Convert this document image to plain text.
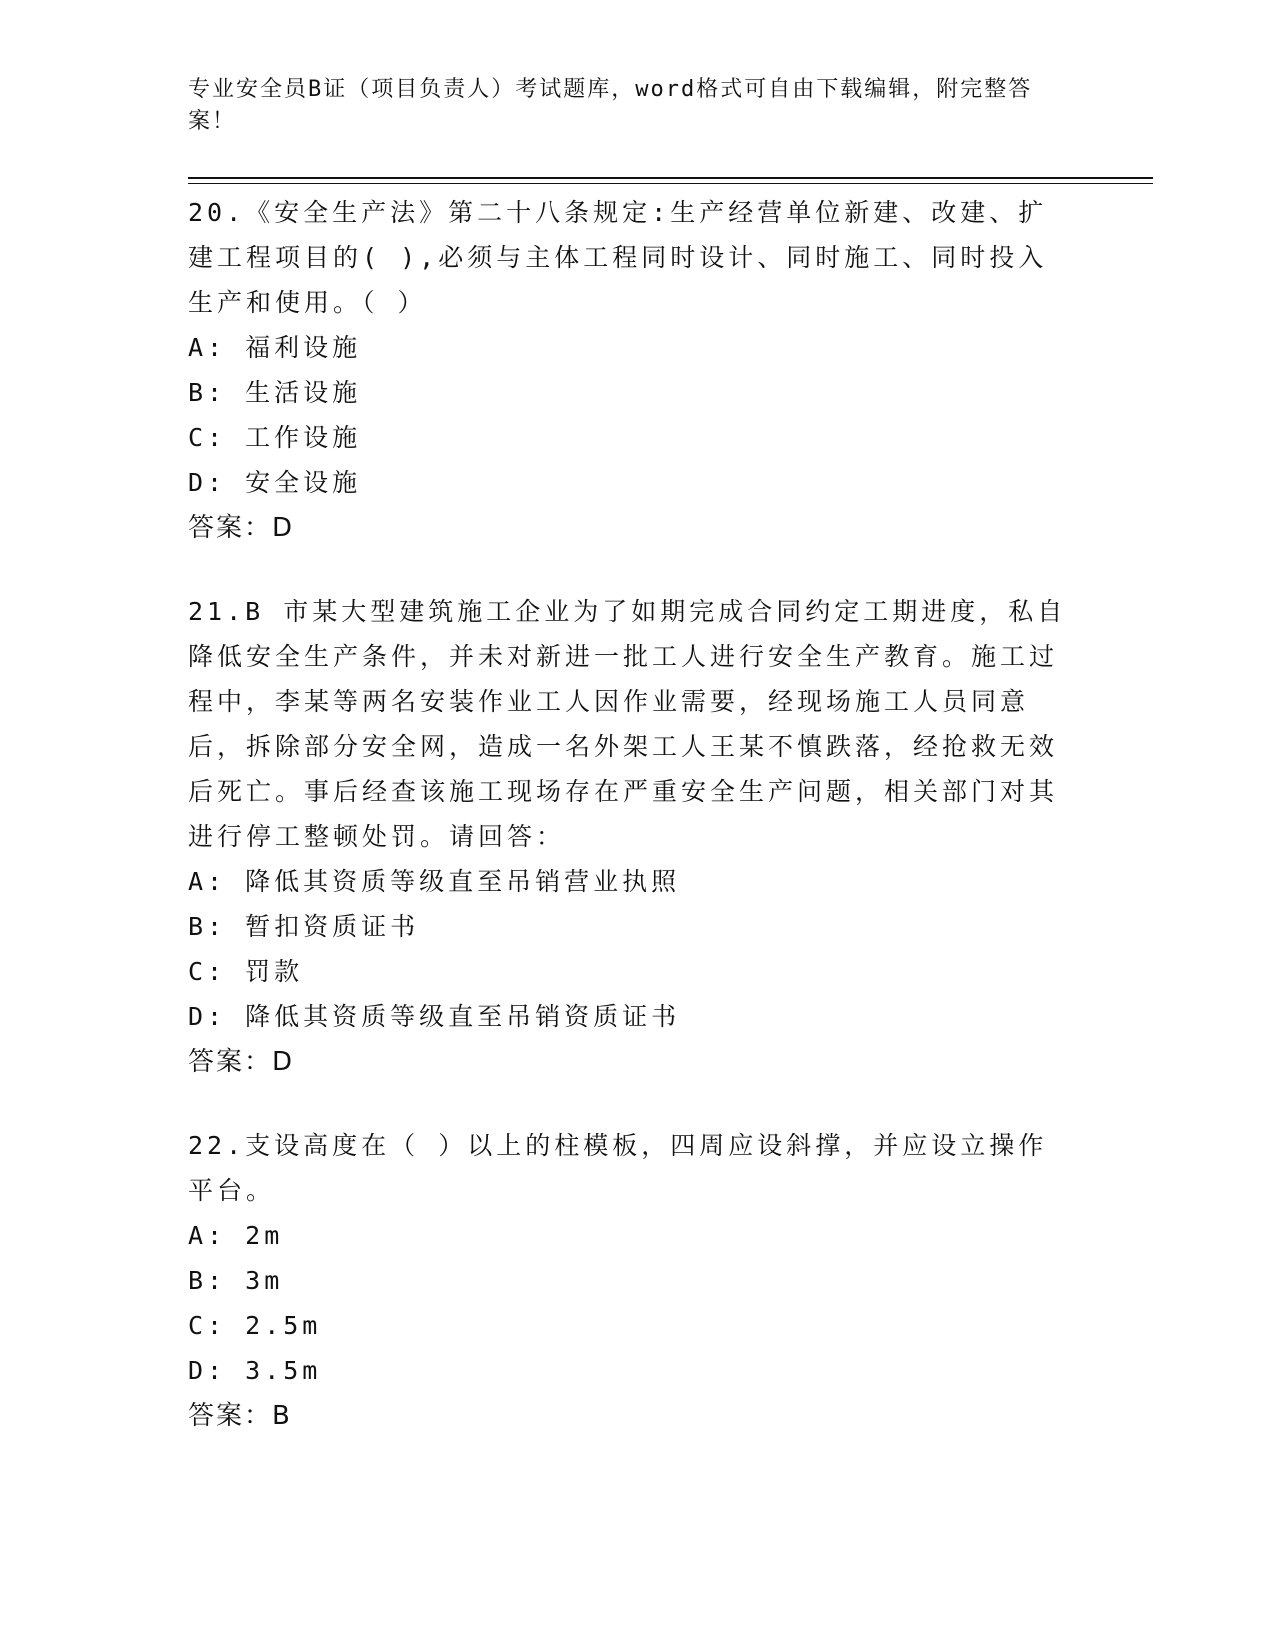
专业安全员B证（项目负责人）考试题库，word格式可自由下载编辑，附完整答案！
20.《安全生产法》第二十八条规定:生产经营单位新建、改建、扩建工程项目的( ),必须与主体工程同时设计、同时施工、同时投入生产和使用。（ ）
A: 福利设施
B: 生活设施
C: 工作设施
D: 安全设施
答案：D
21.B 市某大型建筑施工企业为了如期完成合同约定工期进度，私自降低安全生产条件，并未对新进一批工人进行安全生产教育。施工过程中，李某等两名安装作业工人因作业需要，经现场施工人员同意后，拆除部分安全网，造成一名外架工人王某不慎跌落，经抢救无效后死亡。事后经查该施工现场存在严重安全生产问题，相关部门对其进行停工整顿处罚。请回答：
A: 降低其资质等级直至吊销营业执照
B: 暂扣资质证书
C: 罚款
D: 降低其资质等级直至吊销资质证书
答案：D
22.支设高度在（ ）以上的柱模板，四周应设斜撑，并应设立操作平台。
A: 2m
B: 3m
C: 2.5m
D: 3.5m
答案：B
